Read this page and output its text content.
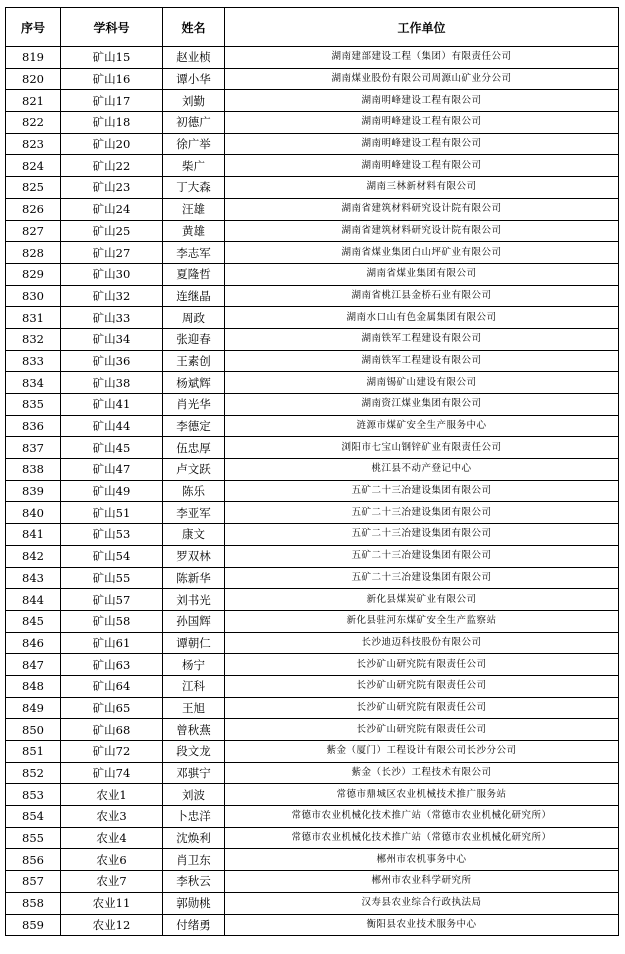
序号	学科号	姓名	工作单位
819	矿山15	赵业桢	湖南建部建设工程（集团）有限责任公司
820	矿山16	谭小华	湖南煤业股份有限公司周源山矿业分公司
821	矿山17	刘勤	湖南明峰建设工程有限公司
822	矿山18	初德广	湖南明峰建设工程有限公司
823	矿山20	徐广举	湖南明峰建设工程有限公司
824	矿山22	柴广	湖南明峰建设工程有限公司
825	矿山23	丁大森	湖南三林新材料有限公司
826	矿山24	汪雄	湖南省建筑材料研究设计院有限公司
827	矿山25	黄雄	湖南省建筑材料研究设计院有限公司
828	矿山27	李志军	湖南省煤业集团白山坪矿业有限公司
829	矿山30	夏隆哲	湖南省煤业集团有限公司
830	矿山32	连继晶	湖南省桃江县金桥石业有限公司
831	矿山33	周政	湖南水口山有色金属集团有限公司
832	矿山34	张迎春	湖南铁军工程建设有限公司
833	矿山36	王素创	湖南铁军工程建设有限公司
834	矿山38	杨斌辉	湖南锡矿山建设有限公司
835	矿山41	肖光华	湖南资江煤业集团有限公司
836	矿山44	李德定	涟源市煤矿安全生产服务中心
837	矿山45	伍忠厚	浏阳市七宝山钢锌矿业有限责任公司
838	矿山47	卢文跃	桃江县不动产登记中心
839	矿山49	陈乐	五矿二十三冶建设集团有限公司
840	矿山51	李亚军	五矿二十三冶建设集团有限公司
841	矿山53	康文	五矿二十三冶建设集团有限公司
842	矿山54	罗双林	五矿二十三冶建设集团有限公司
843	矿山55	陈新华	五矿二十三冶建设集团有限公司
844	矿山57	刘书光	新化县煤炭矿业有限公司
845	矿山58	孙国辉	新化县驻河东煤矿安全生产监察站
846	矿山61	谭朝仁	长沙迪迈科技股份有限公司
847	矿山63	杨宁	长沙矿山研究院有限责任公司
848	矿山64	江科	长沙矿山研究院有限责任公司
849	矿山65	王旭	长沙矿山研究院有限责任公司
850	矿山68	曾秋燕	长沙矿山研究院有限责任公司
851	矿山72	段文龙	紫金（厦门）工程设计有限公司长沙分公司
852	矿山74	邓骐宁	紫金（长沙）工程技术有限公司
853	农业1	刘波	常德市鼎城区农业机械技术推广服务站
854	农业3	卜忠洋	常德市农业机械化技术推广站（常德市农业机械化研究所）
855	农业4	沈焕利	常德市农业机械化技术推广站（常德市农业机械化研究所）
856	农业6	肖卫东	郴州市农机事务中心
857	农业7	李秋云	郴州市农业科学研究所
858	农业11	郭勋桃	汉寿县农业综合行政执法局
859	农业12	付绪勇	衡阳县农业技术服务中心
